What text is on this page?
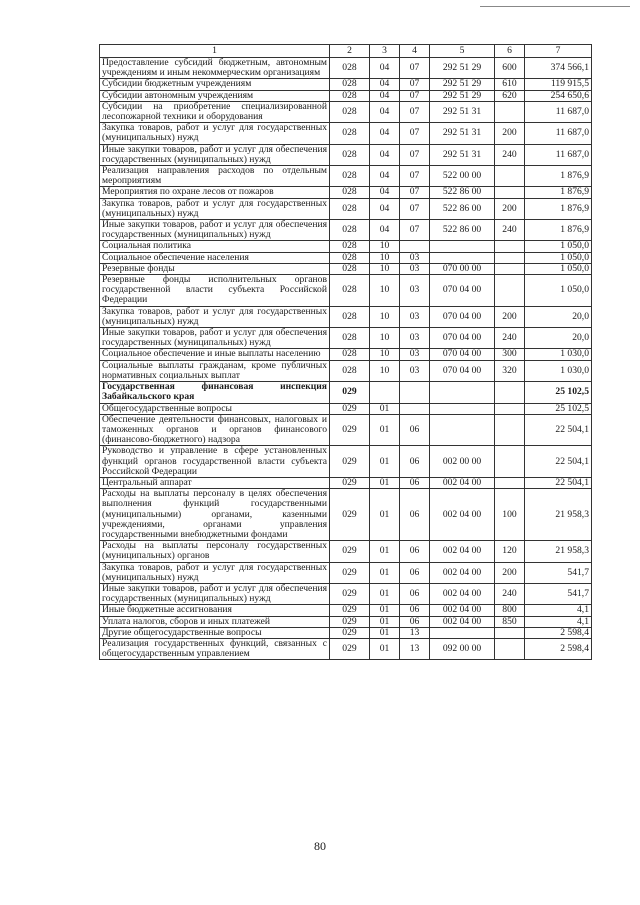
1	2	3	4	5	6	7
Предоставление субсидий бюджетным, автономным учреждениям и иным некоммерческим организациям	028	04	07	292 51 29	600	374 566,1
Субсидии бюджетным учреждениям	028	04	07	292 51 29	610	119 915,5
Субсидии автономным учреждениям	028	04	07	292 51 29	620	254 650,6
Субсидии на приобретение специализированной лесопожарной техники и оборудования	028	04	07	292 51 31		11 687,0
Закупка товаров, работ и услуг для государственных (муниципальных) нужд	028	04	07	292 51 31	200	11 687,0
Иные закупки товаров, работ и услуг для обеспечения государственных (муниципальных) нужд	028	04	07	292 51 31	240	11 687,0
Реализация направления расходов по отдельным мероприятиям	028	04	07	522 00 00		1 876,9
Мероприятия по охране лесов от пожаров	028	04	07	522 86 00		1 876,9
Закупка товаров, работ и услуг для государственных (муниципальных) нужд	028	04	07	522 86 00	200	1 876,9
Иные закупки товаров, работ и услуг для обеспечения государственных (муниципальных) нужд	028	04	07	522 86 00	240	1 876,9
Социальная политика	028	10				1 050,0
Социальное обеспечение населения	028	10	03			1 050,0
Резервные фонды	028	10	03	070 00 00		1 050,0
Резервные фонды исполнительных органов государственной власти субъекта Российской Федерации	028	10	03	070 04 00		1 050,0
Закупка товаров, работ и услуг для государственных (муниципальных) нужд	028	10	03	070 04 00	200	20,0
Иные закупки товаров, работ и услуг для обеспечения государственных (муниципальных) нужд	028	10	03	070 04 00	240	20,0
Социальное обеспечение и иные выплаты населению	028	10	03	070 04 00	300	1 030,0
Социальные выплаты гражданам, кроме публичных нормативных социальных выплат	028	10	03	070 04 00	320	1 030,0
Государственная финансовая инспекция Забайкальского края	029					25 102,5
Общегосударственные вопросы	029	01				25 102,5
Обеспечение деятельности финансовых, налоговых и таможенных органов и органов финансового (финансово-бюджетного) надзора	029	01	06			22 504,1
Руководство и управление в сфере установленных функций органов государственной власти субъекта Российской Федерации	029	01	06	002 00 00		22 504,1
Центральный аппарат	029	01	06	002 04 00		22 504,1
Расходы на выплаты персоналу в целях обеспечения выполнения функций государственными (муниципальными) органами, казенными учреждениями, органами управления государственными внебюджетными фондами	029	01	06	002 04 00	100	21 958,3
Расходы на выплаты персоналу государственных (муниципальных) органов	029	01	06	002 04 00	120	21 958,3
Закупка товаров, работ и услуг для государственных (муниципальных) нужд	029	01	06	002 04 00	200	541,7
Иные закупки товаров, работ и услуг для обеспечения государственных (муниципальных) нужд	029	01	06	002 04 00	240	541,7
Иные бюджетные ассигнования	029	01	06	002 04 00	800	4,1
Уплата налогов, сборов и иных платежей	029	01	06	002 04 00	850	4,1
Другие общегосударственные вопросы	029	01	13			2 598,4
Реализация государственных функций, связанных с общегосударственным управлением	029	01	13	092 00 00		2 598,4
80
